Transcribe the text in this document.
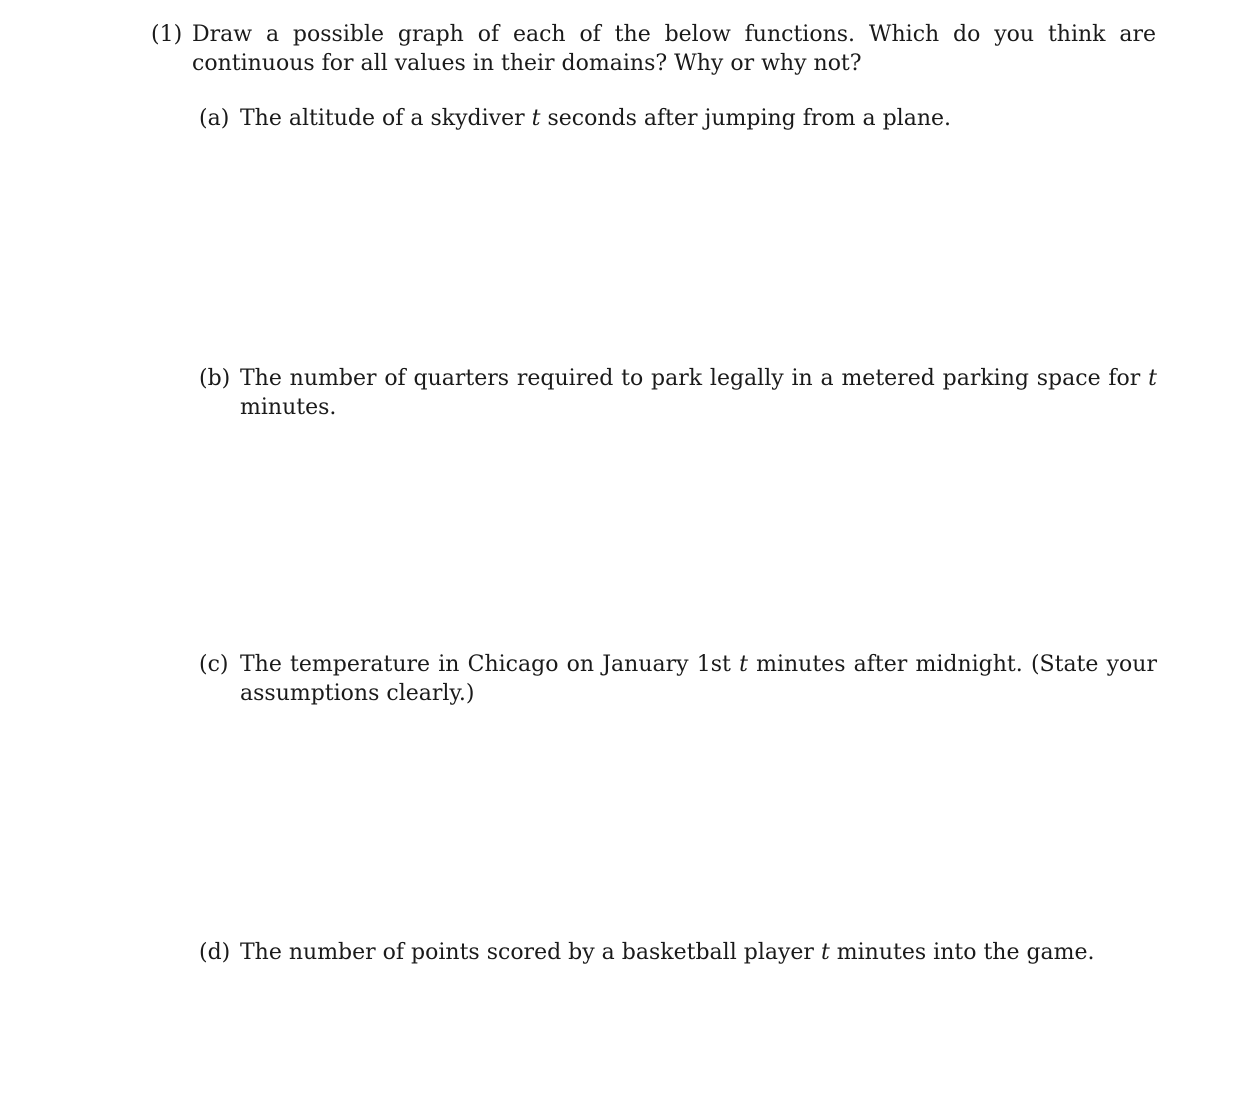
(1) Draw a possible graph of each of the below functions. Which do you think are continuous for all values in their domains? Why or why not?
(a) The altitude of a skydiver t seconds after jumping from a plane.
(b) The number of quarters required to park legally in a metered parking space for t minutes.
(c) The temperature in Chicago on January 1st t minutes after midnight. (State your assumptions clearly.)
(d) The number of points scored by a basketball player t minutes into the game.
